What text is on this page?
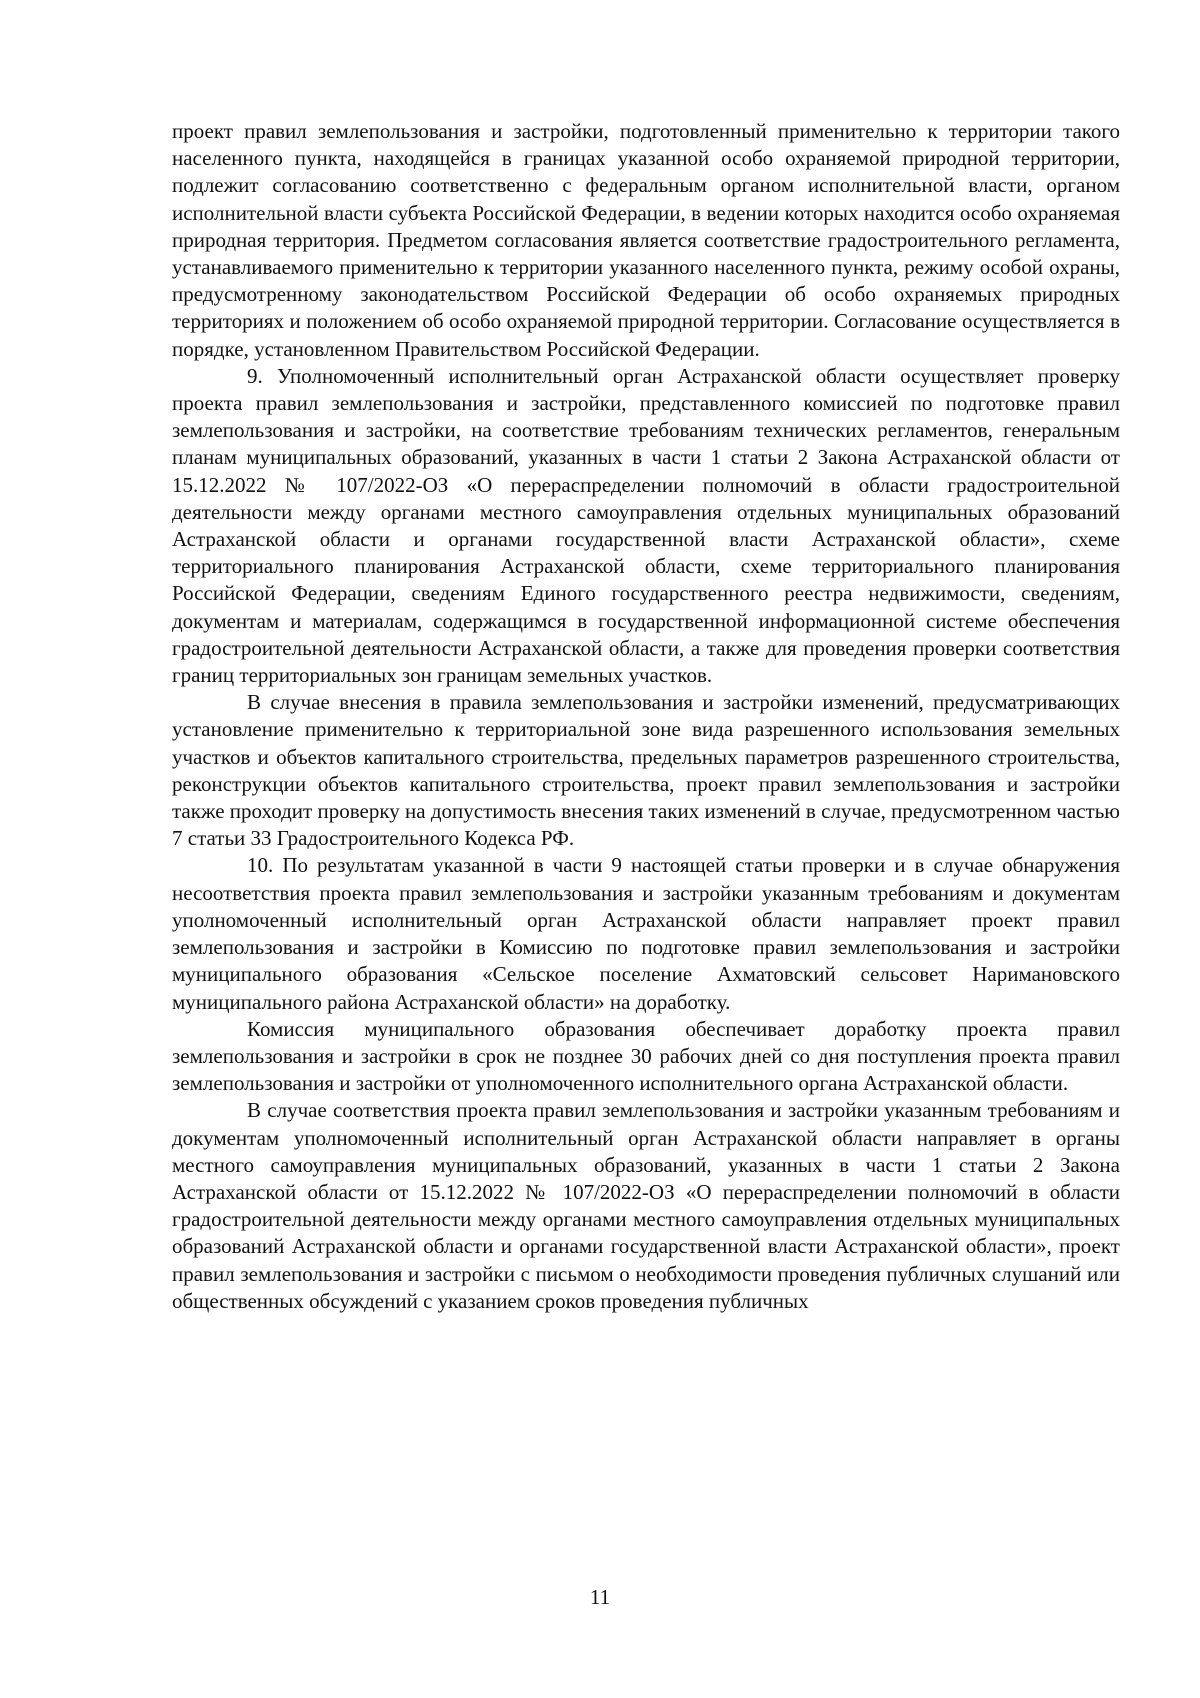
проект правил землепользования и застройки, подготовленный применительно к территории такого населенного пункта, находящейся в границах указанной особо охраняемой природной территории, подлежит согласованию соответственно с федеральным органом исполнительной власти, органом исполнительной власти субъекта Российской Федерации, в ведении которых находится особо охраняемая природная территория. Предметом согласования является соответствие градостроительного регламента, устанавливаемого применительно к территории указанного населенного пункта, режиму особой охраны, предусмотренному законодательством Российской Федерации об особо охраняемых природных территориях и положением об особо охраняемой природной территории. Согласование осуществляется в порядке, установленном Правительством Российской Федерации.

9. Уполномоченный исполнительный орган Астраханской области осуществляет проверку проекта правил землепользования и застройки, представленного комиссией по подготовке правил землепользования и застройки, на соответствие требованиям технических регламентов, генеральным планам муниципальных образований, указанных в части 1 статьи 2 Закона Астраханской области от 15.12.2022 № 107/2022-ОЗ «О перераспределении полномочий в области градостроительной деятельности между органами местного самоуправления отдельных муниципальных образований Астраханской области и органами государственной власти Астраханской области», схеме территориального планирования Астраханской области, схеме территориального планирования Российской Федерации, сведениям Единого государственного реестра недвижимости, сведениям, документам и материалам, содержащимся в государственной информационной системе обеспечения градостроительной деятельности Астраханской области, а также для проведения проверки соответствия границ территориальных зон границам земельных участков.

В случае внесения в правила землепользования и застройки изменений, предусматривающих установление применительно к территориальной зоне вида разрешенного использования земельных участков и объектов капитального строительства, предельных параметров разрешенного строительства, реконструкции объектов капитального строительства, проект правил землепользования и застройки также проходит проверку на допустимость внесения таких изменений в случае, предусмотренном частью 7 статьи 33 Градостроительного Кодекса РФ.

10. По результатам указанной в части 9 настоящей статьи проверки и в случае обнаружения несоответствия проекта правил землепользования и застройки указанным требованиям и документам уполномоченный исполнительный орган Астраханской области направляет проект правил землепользования и застройки в Комиссию по подготовке правил землепользования и застройки муниципального образования «Сельское поселение Ахматовский сельсовет Наримановского муниципального района Астраханской области» на доработку.

Комиссия муниципального образования обеспечивает доработку проекта правил землепользования и застройки в срок не позднее 30 рабочих дней со дня поступления проекта правил землепользования и застройки от уполномоченного исполнительного органа Астраханской области.

В случае соответствия проекта правил землепользования и застройки указанным требованиям и документам уполномоченный исполнительный орган Астраханской области направляет в органы местного самоуправления муниципальных образований, указанных в части 1 статьи 2 Закона Астраханской области от 15.12.2022 № 107/2022-ОЗ «О перераспределении полномочий в области градостроительной деятельности между органами местного самоуправления отдельных муниципальных образований Астраханской области и органами государственной власти Астраханской области», проект правил землепользования и застройки с письмом о необходимости проведения публичных слушаний или общественных обсуждений с указанием сроков проведения публичных

11
